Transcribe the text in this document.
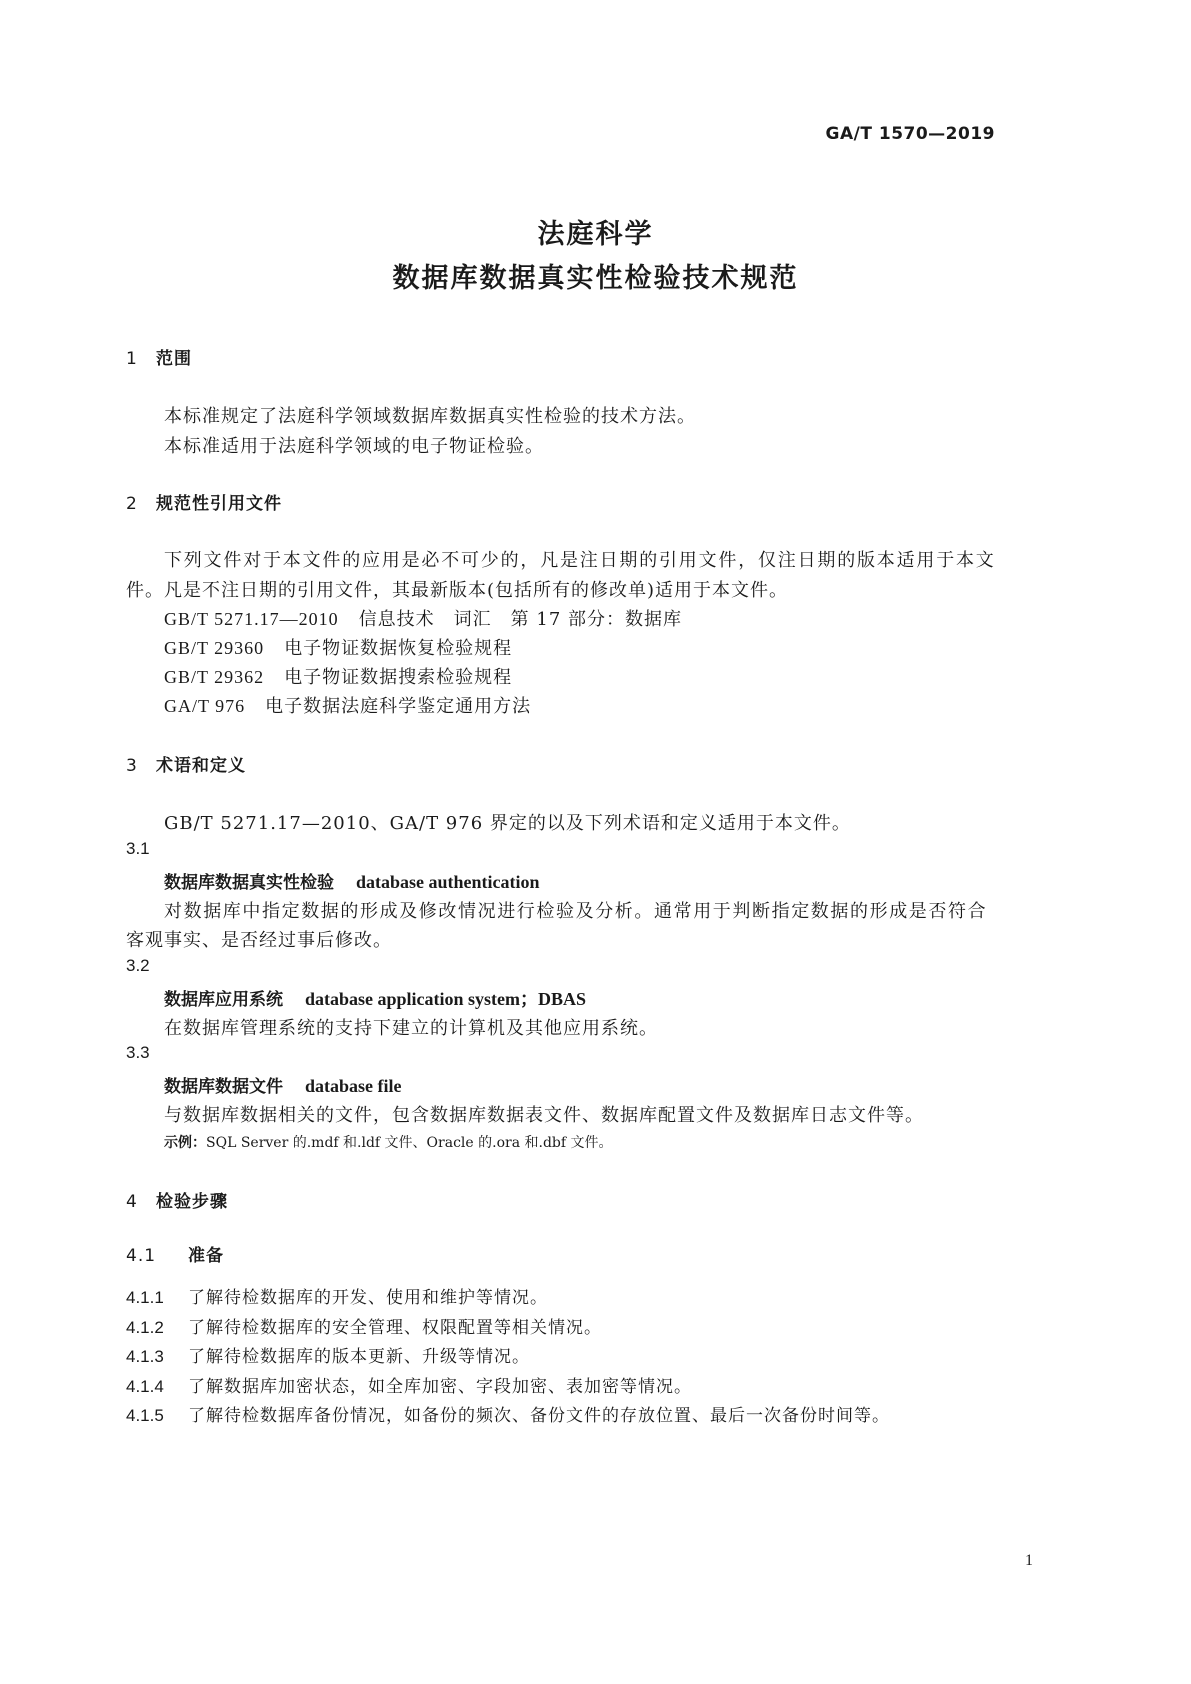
GA/T 1570—2019
法庭科学
数据库数据真实性检验技术规范
1 范围
本标准规定了法庭科学领域数据库数据真实性检验的技术方法。
本标准适用于法庭科学领域的电子物证检验。
2 规范性引用文件
下列文件对于本文件的应用是必不可少的，凡是注日期的引用文件，仅注日期的版本适用于本文
件。凡是不注日期的引用文件，其最新版本(包括所有的修改单)适用于本文件。
GB/T 5271.17—2010 信息技术　词汇　第 17 部分：数据库
GB/T 29360 电子物证数据恢复检验规程
GB/T 29362 电子物证数据搜索检验规程
GA/T 976 电子数据法庭科学鉴定通用方法
3 术语和定义
GB/T 5271.17—2010、GA/T 976 界定的以及下列术语和定义适用于本文件。
3.1
数据库数据真实性检验 database authentication
对数据库中指定数据的形成及修改情况进行检验及分析。通常用于判断指定数据的形成是否符合
客观事实、是否经过事后修改。
3.2
数据库应用系统 database application system；DBAS
在数据库管理系统的支持下建立的计算机及其他应用系统。
3.3
数据库数据文件 database file
与数据库数据相关的文件，包含数据库数据表文件、数据库配置文件及数据库日志文件等。
示例：SQL Server 的.mdf 和.ldf 文件、Oracle 的.ora 和.dbf 文件。
4 检验步骤
4.1 准备
4.1.1 了解待检数据库的开发、使用和维护等情况。
4.1.2 了解待检数据库的安全管理、权限配置等相关情况。
4.1.3 了解待检数据库的版本更新、升级等情况。
4.1.4 了解数据库加密状态，如全库加密、字段加密、表加密等情况。
4.1.5 了解待检数据库备份情况，如备份的频次、备份文件的存放位置、最后一次备份时间等。
1
